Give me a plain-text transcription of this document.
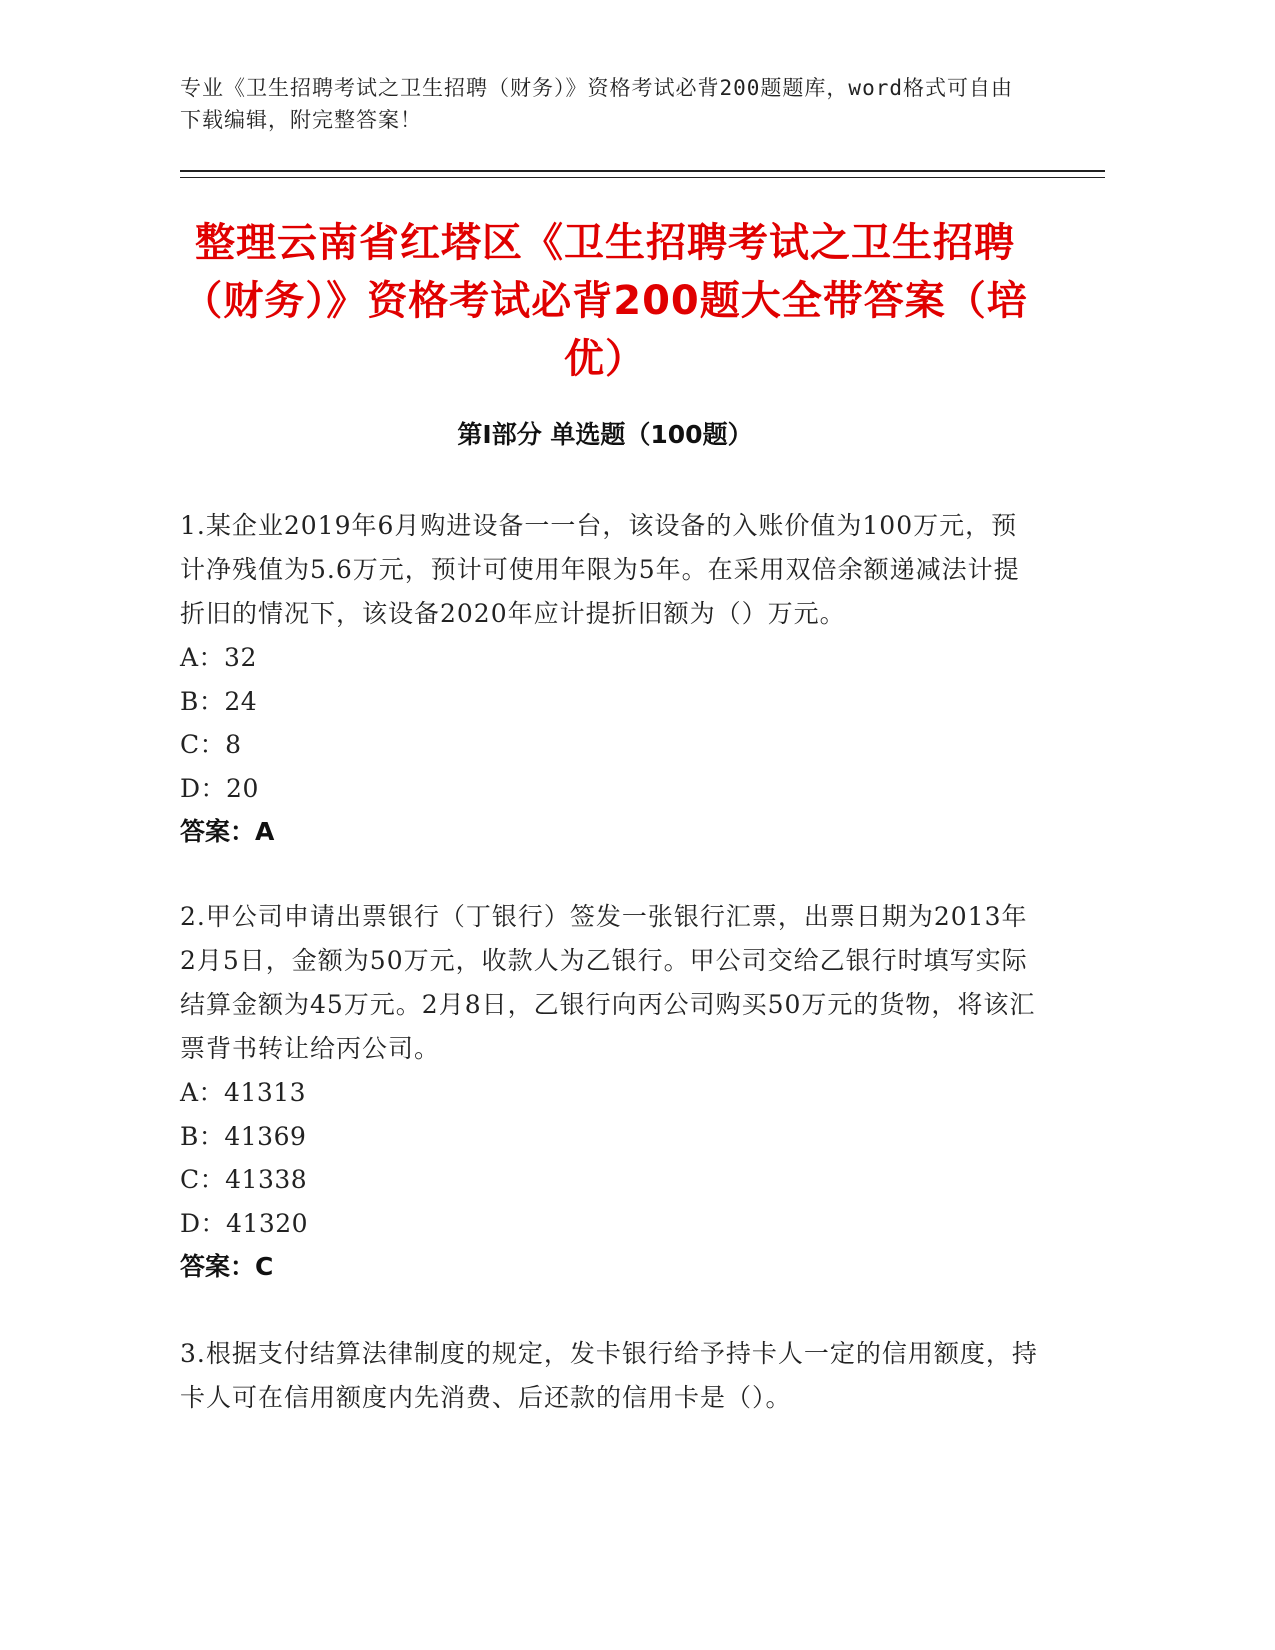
专业《卫生招聘考试之卫生招聘（财务）》资格考试必背200题题库，word格式可自由下载编辑，附完整答案！
整理云南省红塔区《卫生招聘考试之卫生招聘（财务）》资格考试必背200题大全带答案（培优）
第Ⅰ部分 单选题（100题）
1.某企业2019年6月购进设备一一台，该设备的入账价值为100万元，预计净残值为5.6万元，预计可使用年限为5年。在采用双倍余额递减法计提折旧的情况下，该设备2020年应计提折旧额为（）万元。
A：32
B：24
C：8
D：20
答案：A
2.甲公司申请出票银行（丁银行）签发一张银行汇票，出票日期为2013年2月5日，金额为50万元，收款人为乙银行。甲公司交给乙银行时填写实际结算金额为45万元。2月8日，乙银行向丙公司购买50万元的货物，将该汇票背书转让给丙公司。
A：41313
B：41369
C：41338
D：41320
答案：C
3.根据支付结算法律制度的规定，发卡银行给予持卡人一定的信用额度，持卡人可在信用额度内先消费、后还款的信用卡是（）。
